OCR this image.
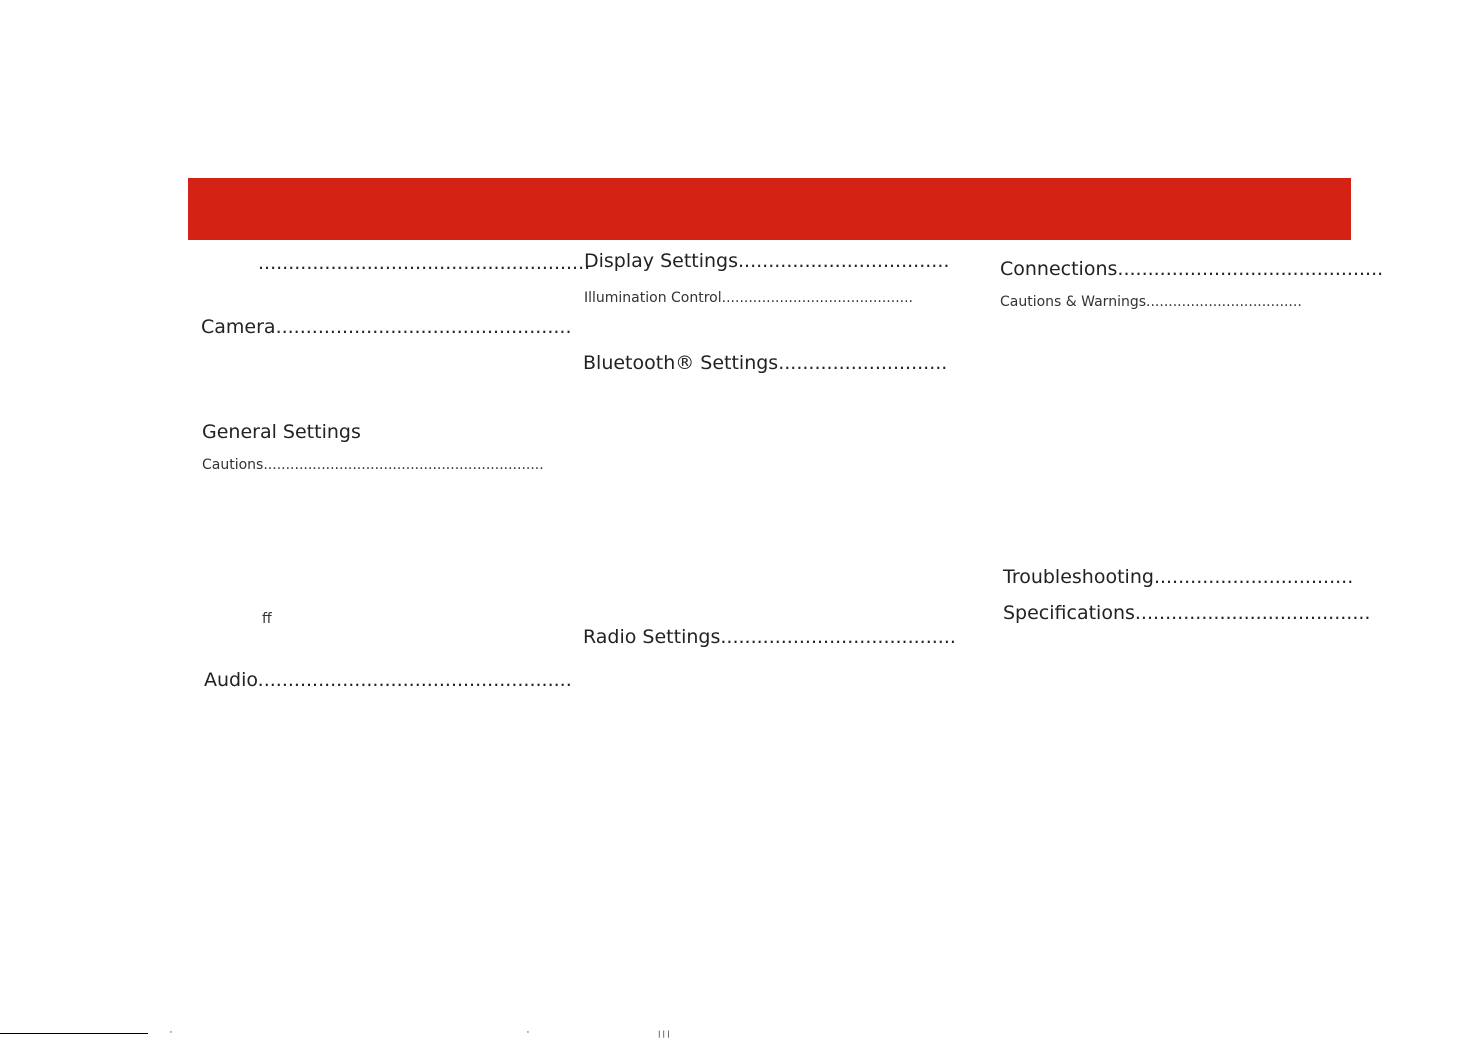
.......................................................
Camera.................................................
General Settings
Cautions...............................................................
ff
Audio....................................................
Display Settings...................................
Illumination Control...........................................
Bluetooth® Settings............................
Radio Settings.......................................
Connections............................................
Cautions & Warnings...................................
Troubleshooting.................................
Specifications.......................................
'	'	| | |
